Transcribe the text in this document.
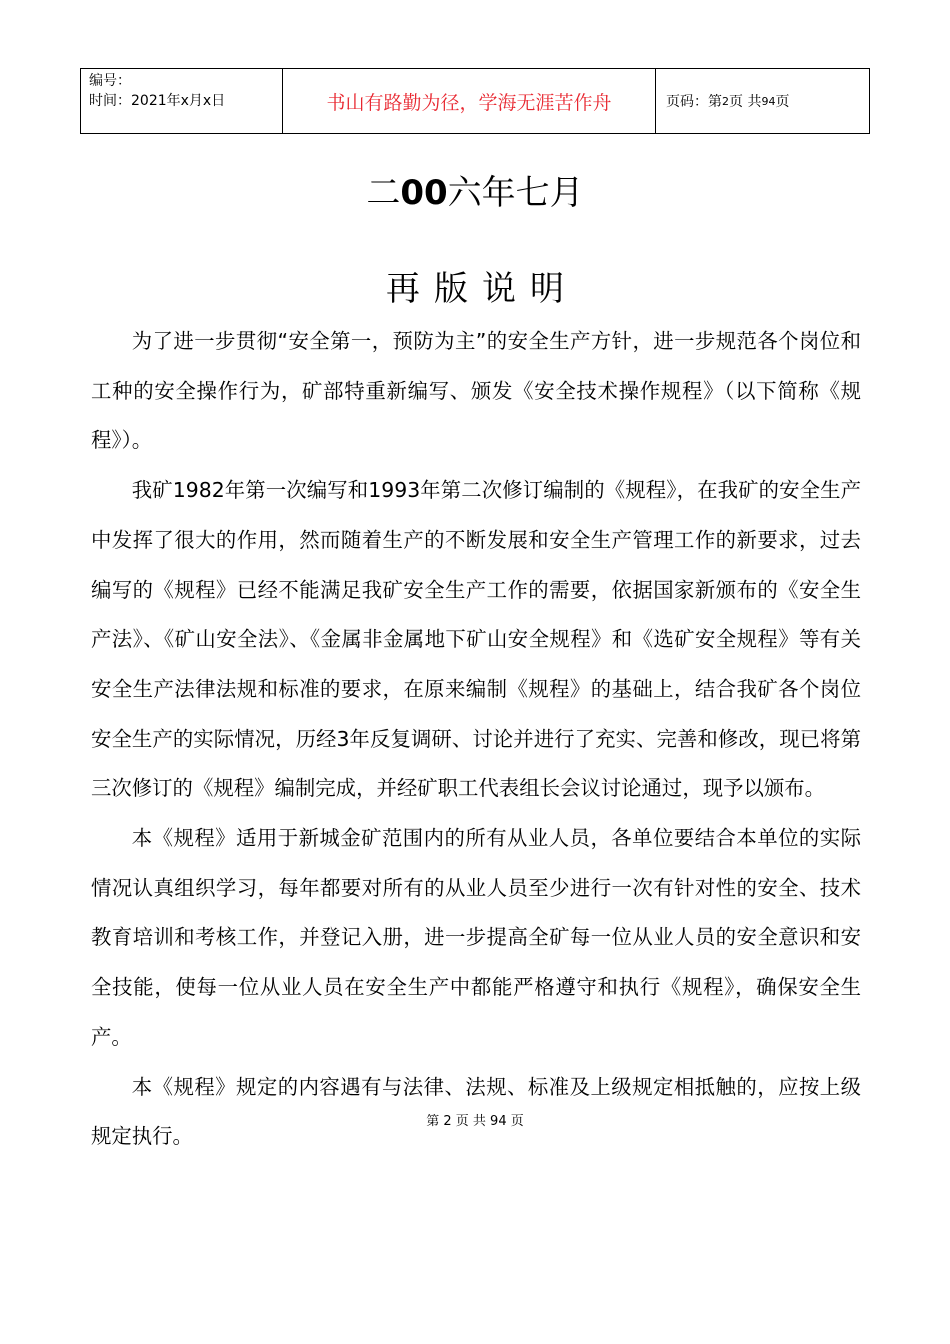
编号：
时间：2021年x月x日	书山有路勤为径，学海无涯苦作舟	页码：第 2 页 共 94 页
二00六年七月
再版说明

为了进一步贯彻“安全第一，预防为主”的安全生产方针，进一步规范各个岗位和工种的安全操作行为，矿部特重新编写、颁发《安全技术操作规程》（以下简称《规程》）。

我矿1982年第一次编写和1993年第二次修订编制的《规程》，在我矿的安全生产中发挥了很大的作用，然而随着生产的不断发展和安全生产管理工作的新要求，过去编写的《规程》已经不能满足我矿安全生产工作的需要，依据国家新颁布的《安全生产法》、《矿山安全法》、《金属非金属地下矿山安全规程》和《选矿安全规程》等有关安全生产法律法规和标准的要求，在原来编制《规程》的基础上，结合我矿各个岗位安全生产的实际情况，历经3年反复调研、讨论并进行了充实、完善和修改，现已将第三次修订的《规程》编制完成，并经矿职工代表组长会议讨论通过，现予以颁布。

本《规程》适用于新城金矿范围内的所有从业人员，各单位要结合本单位的实际情况认真组织学习，每年都要对所有的从业人员至少进行一次有针对性的安全、技术教育培训和考核工作，并登记入册，进一步提高全矿每一位从业人员的安全意识和安全技能，使每一位从业人员在安全生产中都能严格遵守和执行《规程》，确保安全生产。

本《规程》规定的内容遇有与法律、法规、标准及上级规定相抵触的，应按上级规定执行。

第 2 页 共 94 页
